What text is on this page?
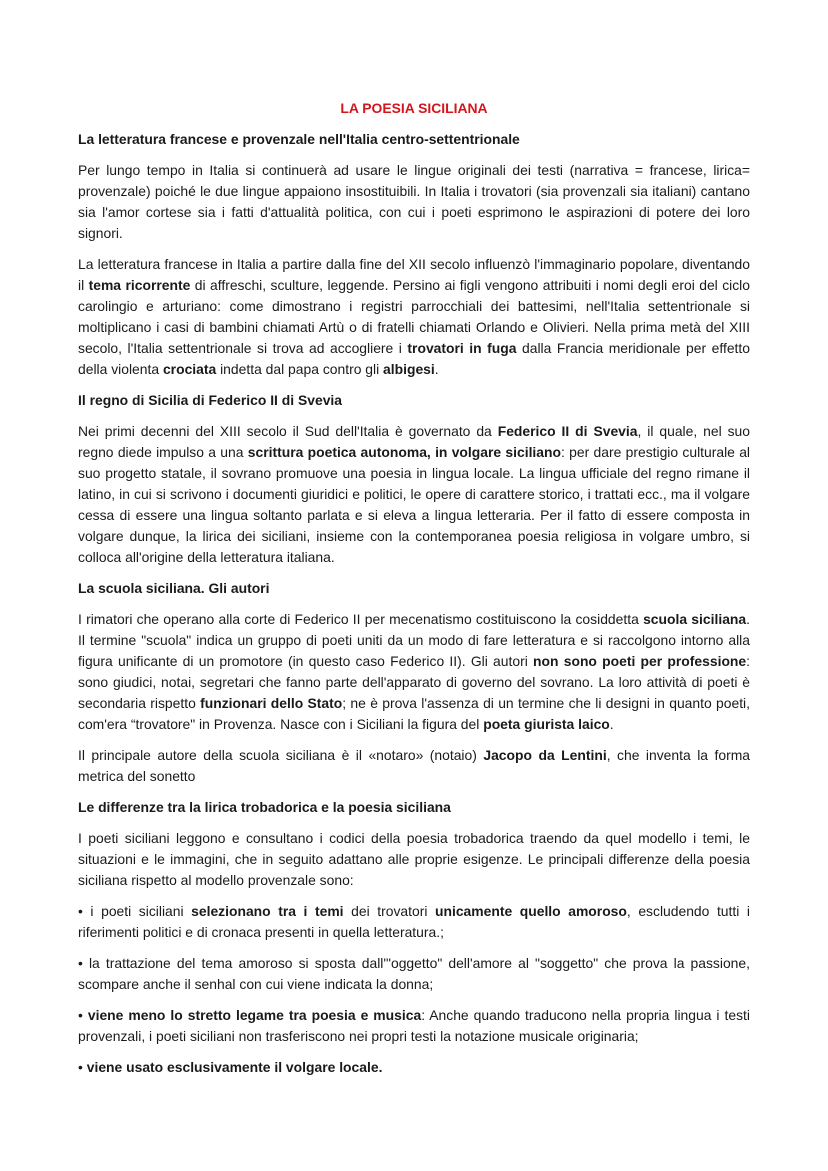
LA POESIA SICILIANA
La letteratura francese e provenzale nell'Italia centro-settentrionale

Per lungo tempo in Italia si continuerà ad usare le lingue originali dei testi (narrativa = francese, lirica= provenzale) poiché le due lingue appaiono insostituibili. In Italia i trovatori (sia provenzali sia italiani) cantano sia l'amor cortese sia i fatti d'attualità politica, con cui i poeti esprimono le aspirazioni di potere dei loro signori.

La letteratura francese in Italia a partire dalla fine del XII secolo influenzò l'immaginario popolare, diventando il tema ricorrente di affreschi, sculture, leggende. Persino ai figli vengono attribuiti i nomi degli eroi del ciclo carolingio e arturiano: come dimostrano i registri parrocchiali dei battesimi, nell'Italia settentrionale si moltiplicano i casi di bambini chiamati Artù o di fratelli chiamati Orlando e Olivieri. Nella prima metà del XIII secolo, l'Italia settentrionale si trova ad accogliere i trovatori in fuga dalla Francia meridionale per effetto della violenta crociata indetta dal papa contro gli albigesi.

Il regno di Sicilia di Federico II di Svevia

Nei primi decenni del XIII secolo il Sud dell'Italia è governato da Federico II di Svevia, il quale, nel suo regno diede impulso a una scrittura poetica autonoma, in volgare siciliano: per dare prestigio culturale al suo progetto statale, il sovrano promuove una poesia in lingua locale. La lingua ufficiale del regno rimane il latino, in cui si scrivono i documenti giuridici e politici, le opere di carattere storico, i trattati ecc., ma il volgare cessa di essere una lingua soltanto parlata e si eleva a lingua letteraria. Per il fatto di essere composta in volgare dunque, la lirica dei siciliani, insieme con la contemporanea poesia religiosa in volgare umbro, si colloca all'origine della letteratura italiana.

La scuola siciliana. Gli autori

I rimatori che operano alla corte di Federico II per mecenatismo costituiscono la cosiddetta scuola siciliana. Il termine "scuola" indica un gruppo di poeti uniti da un modo di fare letteratura e si raccolgono intorno alla figura unificante di un promotore (in questo caso Federico II). Gli autori non sono poeti per professione: sono giudici, notai, segretari che fanno parte dell'apparato di governo del sovrano. La loro attività di poeti è secondaria rispetto funzionari dello Stato; ne è prova l'assenza di un termine che li designi in quanto poeti, com'era “trovatore" in Provenza. Nasce con i Siciliani la figura del poeta giurista laico.

Il principale autore della scuola siciliana è il «notaro» (notaio) Jacopo da Lentini, che inventa la forma metrica del sonetto

Le differenze tra la lirica trobadorica e la poesia siciliana

I poeti siciliani leggono e consultano i codici della poesia trobadorica traendo da quel modello i temi, le situazioni e le immagini, che in seguito adattano alle proprie esigenze. Le principali differenze della poesia siciliana rispetto al modello provenzale sono:

• i poeti siciliani selezionano tra i temi dei trovatori unicamente quello amoroso, escludendo tutti i riferimenti politici e di cronaca presenti in quella letteratura.;

• la trattazione del tema amoroso si sposta dall'"oggetto" dell'amore al "soggetto" che prova la passione, scompare anche il senhal con cui viene indicata la donna;

• viene meno lo stretto legame tra poesia e musica: Anche quando traducono nella propria lingua i testi provenzali, i poeti siciliani non trasferiscono nei propri testi la notazione musicale originaria;

• viene usato esclusivamente il volgare locale.
